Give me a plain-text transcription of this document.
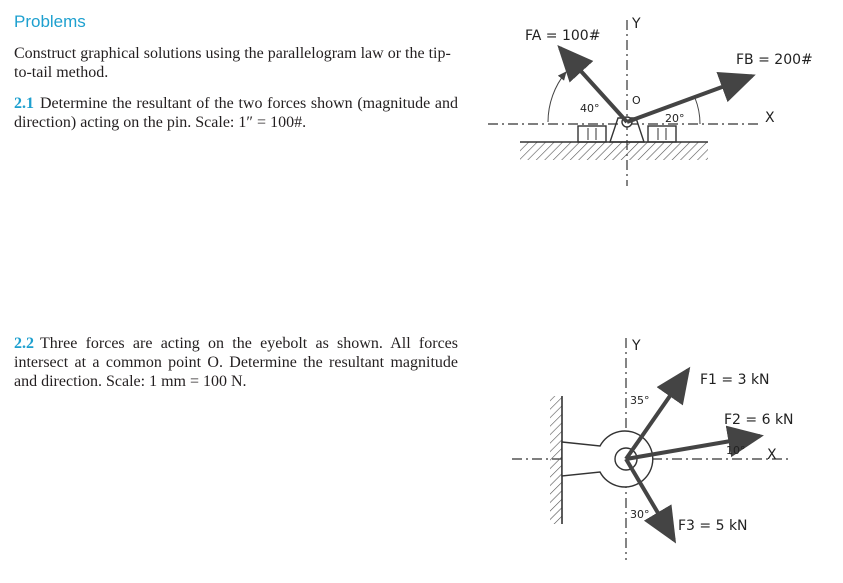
Problems
Construct graphical solutions using the parallelogram law or the tip-to-tail method.
2.1 Determine the resultant of the two forces shown (magnitude and direction) acting on the pin. Scale: 1″ = 100#.
2.2 Three forces are acting on the eyebolt as shown. All forces intersect at a common point O. Determine the resultant magnitude and direction. Scale: 1 mm = 100 N.
FA = 100#
FB = 200#
40°
20°
O
X
Y
F1 = 3 kN
F2 = 6 kN
F3 = 5 kN
35°
10°
30°
X
Y
